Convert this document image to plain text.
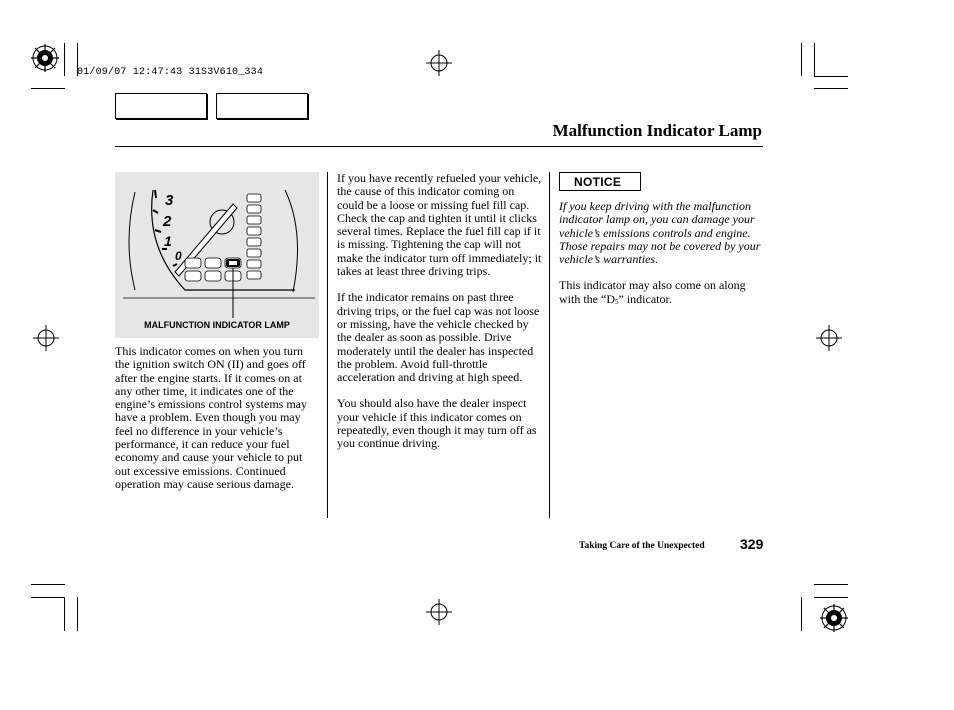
01/09/07 12:47:43 31S3V610_334
Malfunction Indicator Lamp
3
2
1
0
MALFUNCTION INDICATOR LAMP

This indicator comes on when you turn the ignition switch ON (II) and goes off after the engine starts. If it comes on at any other time, it indicates one of the engine’s emissions control systems may have a problem. Even though you may feel no difference in your vehicle’s performance, it can reduce your fuel economy and cause your vehicle to put out excessive emissions. Continued operation may cause serious damage.

If you have recently refueled your vehicle, the cause of this indicator coming on could be a loose or missing fuel fill cap. Check the cap and tighten it until it clicks several times. Replace the fuel fill cap if it is missing. Tightening the cap will not make the indicator turn off immediately; it takes at least three driving trips.

If the indicator remains on past three driving trips, or the fuel cap was not loose or missing, have the vehicle checked by the dealer as soon as possible. Drive moderately until the dealer has inspected the problem. Avoid full-throttle acceleration and driving at high speed.

You should also have the dealer inspect your vehicle if this indicator comes on repeatedly, even though it may turn off as you continue driving.

NOTICE

If you keep driving with the malfunction indicator lamp on, you can damage your vehicle’s emissions controls and engine. Those repairs may not be covered by your vehicle’s warranties.

This indicator may also come on along with the “$D_5$” indicator.

Taking Care of the Unexpected	329
